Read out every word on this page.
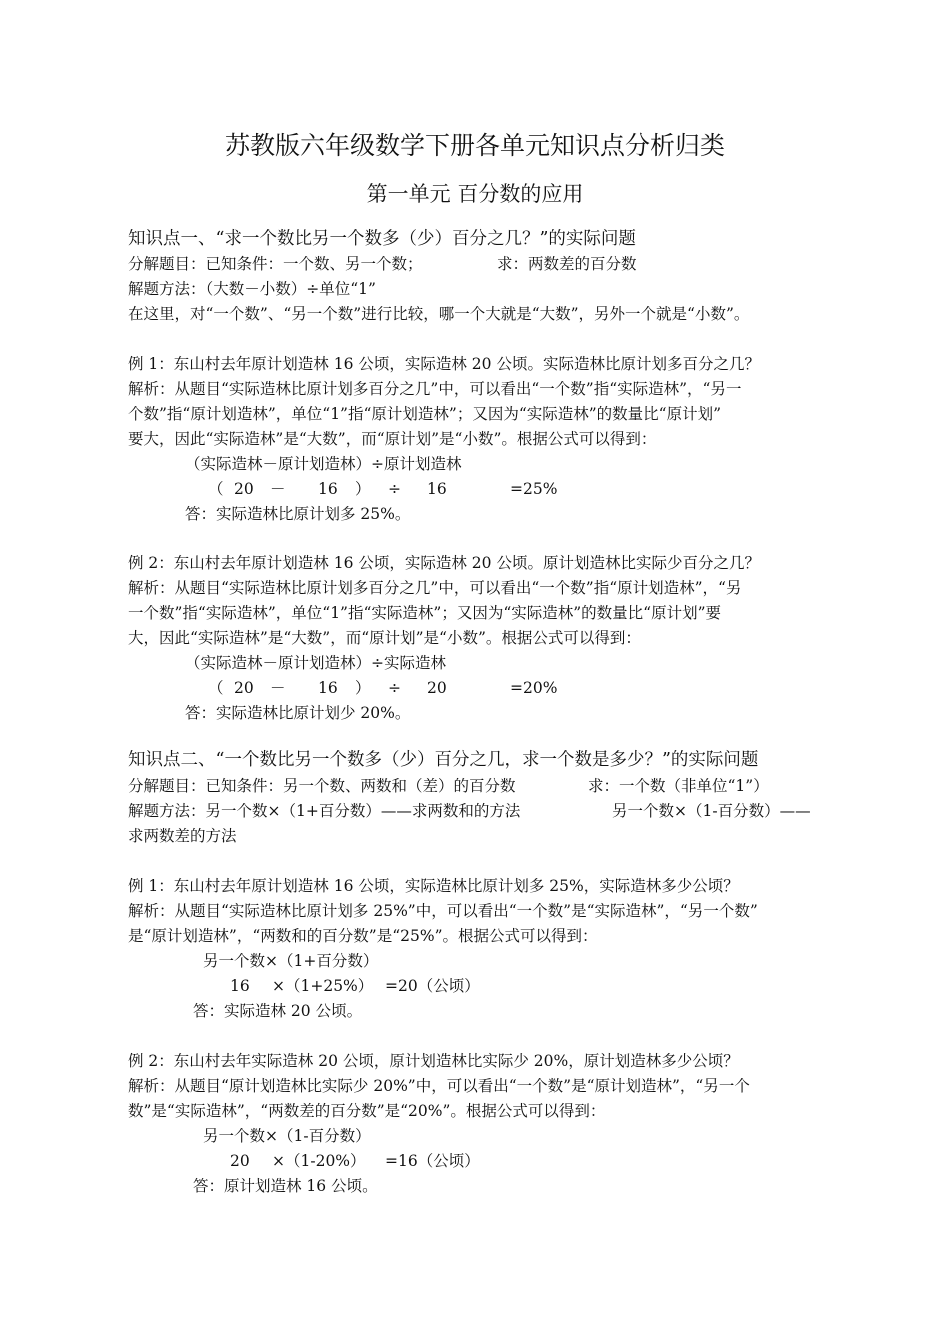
苏教版六年级数学下册各单元知识点分析归类
第一单元 百分数的应用
知识点一、“求一个数比另一个数多（少）百分之几？”的实际问题
分解题目：已知条件：一个数、另一个数；	求：两数差的百分数
解题方法：（大数－小数）÷单位“1”
在这里，对“一个数”、“另一个数”进行比较，哪一个大就是“大数”，另外一个就是“小数”。
例 1：东山村去年原计划造林 16 公顷，实际造林 20 公顷。实际造林比原计划多百分之几？
解析：从题目“实际造林比原计划多百分之几”中，可以看出“一个数”指“实际造林”，“另一
个数”指“原计划造林”，单位“1”指“原计划造林”；又因为“实际造林”的数量比“原计划”
要大，因此“实际造林”是“大数”，而“原计划”是“小数”。根据公式可以得到：
（实际造林－原计划造林）÷原计划造林
（ 20 － 16 ） ÷ 16	=25%
答：实际造林比原计划多 25%。
例 2：东山村去年原计划造林 16 公顷，实际造林 20 公顷。原计划造林比实际少百分之几？
解析：从题目“实际造林比原计划多百分之几”中，可以看出“一个数”指“原计划造林”，“另
一个数”指“实际造林”，单位“1”指“实际造林”；又因为“实际造林”的数量比“原计划”要
大，因此“实际造林”是“大数”，而“原计划”是“小数”。根据公式可以得到：
（实际造林－原计划造林）÷实际造林
（ 20 － 16 ） ÷ 20	=20%
答：实际造林比原计划少 20%。
知识点二、“一个数比另一个数多（少）百分之几，求一个数是多少？”的实际问题
分解题目：已知条件：另一个数、两数和（差）的百分数	求：一个数（非单位“1”）
解题方法：另一个数×（1+百分数）——求两数和的方法	另一个数×（1-百分数）——
求两数差的方法
例 1：东山村去年原计划造林 16 公顷，实际造林比原计划多 25%，实际造林多少公顷？
解析：从题目“实际造林比原计划多 25%”中，可以看出“一个数”是“实际造林”，“另一个数”
是“原计划造林”，“两数和的百分数”是“25%”。根据公式可以得到：
另一个数×（1+百分数）
16 ×（1+25%） =20（公顷）
答：实际造林 20 公顷。
例 2：东山村去年实际造林 20 公顷，原计划造林比实际少 20%，原计划造林多少公顷？
解析：从题目“原计划造林比实际少 20%”中，可以看出“一个数”是“原计划造林”，“另一个
数”是“实际造林”，“两数差的百分数”是“20%”。根据公式可以得到：
另一个数×（1-百分数）
20 ×（1-20%） =16（公顷）
答：原计划造林 16 公顷。
